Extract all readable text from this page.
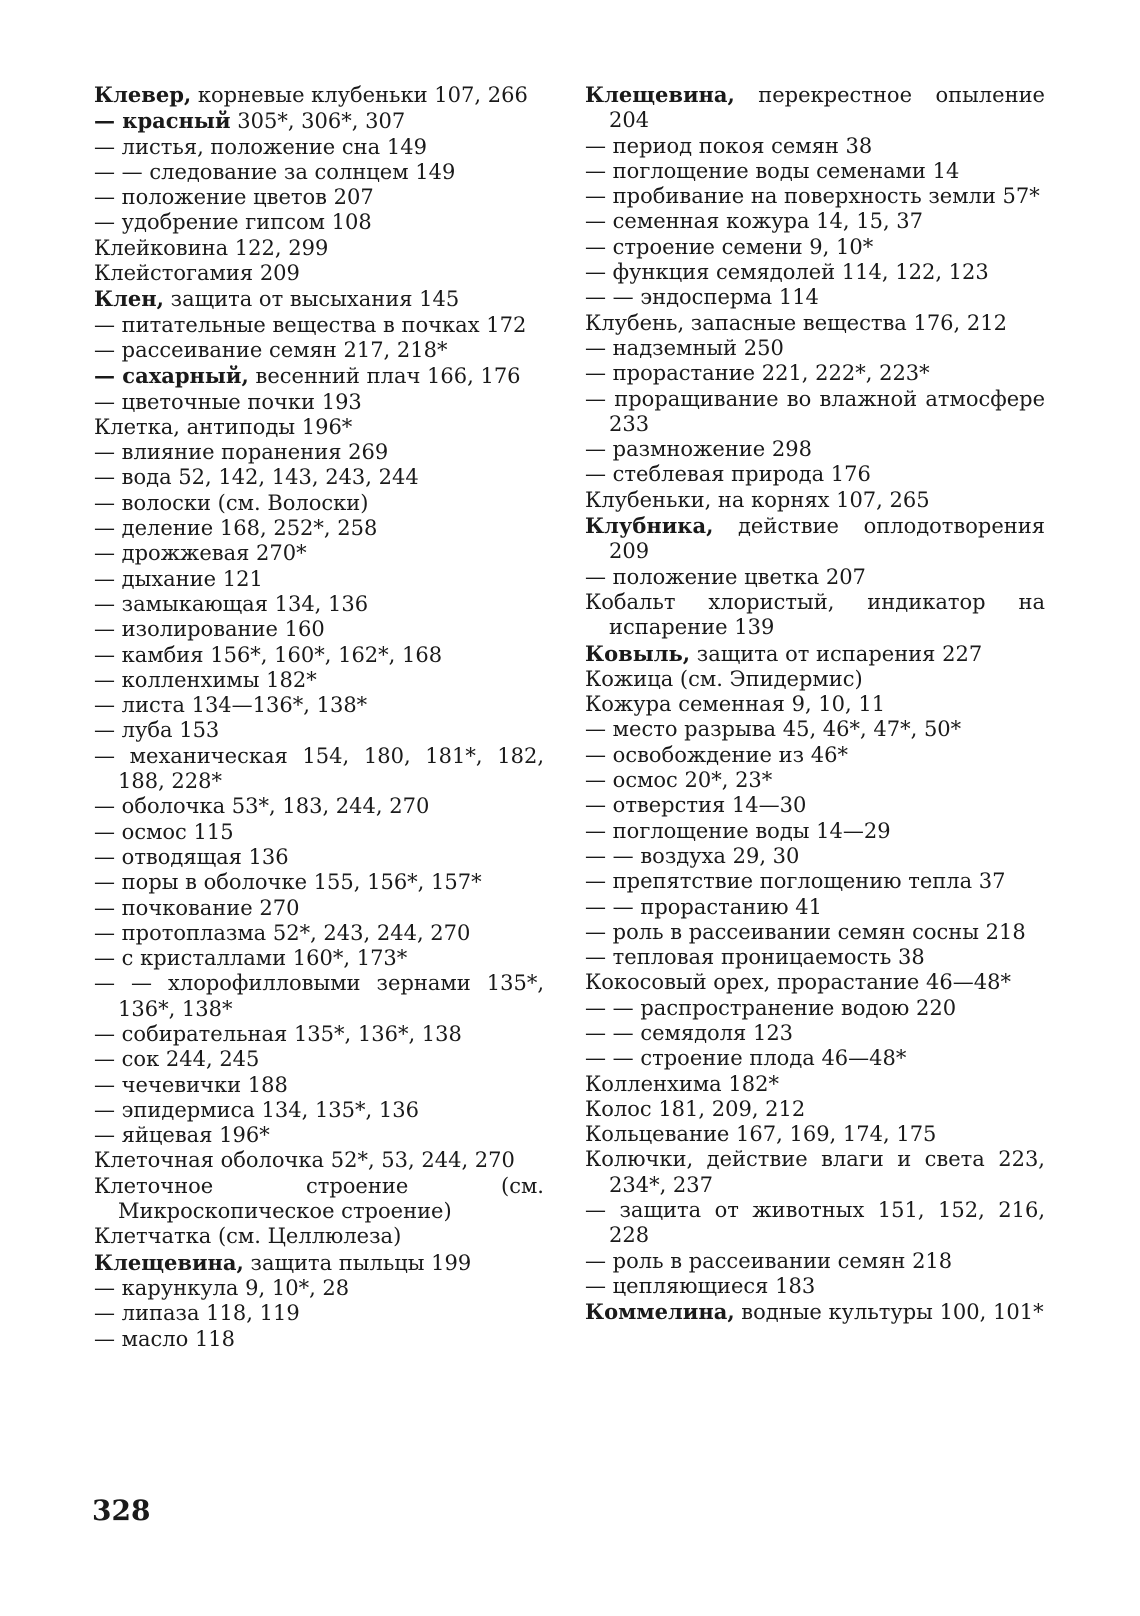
Клевер, корневые клубеньки 107, 266
— красный 305*, 306*, 307
— листья, положение сна 149
— — следование за солнцем 149
— положение цветов 207
— удобрение гипсом 108
Клейковина 122, 299
Клейстогамия 209
Клен, защита от высыхания 145
— питательные вещества в почках 172
— рассеивание семян 217, 218*
— сахарный, весенний плач 166, 176
— цветочные почки 193
Клетка, антиподы 196*
— влияние поранения 269
— вода 52, 142, 143, 243, 244
— волоски (см. Волоски)
— деление 168, 252*, 258
— дрожжевая 270*
— дыхание 121
— замыкающая 134, 136
— изолирование 160
— камбия 156*, 160*, 162*, 168
— колленхимы 182*
— листа 134—136*, 138*
— луба 153
— механическая 154, 180, 181*, 182, 188, 228*
— оболочка 53*, 183, 244, 270
— осмос 115
— отводящая 136
— поры в оболочке 155, 156*, 157*
— почкование 270
— протоплазма 52*, 243, 244, 270
— с кристаллами 160*, 173*
— — хлорофилловыми зернами 135*, 136*, 138*
— собирательная 135*, 136*, 138
— сок 244, 245
— чечевички 188
— эпидермиса 134, 135*, 136
— яйцевая 196*
Клеточная оболочка 52*, 53, 244, 270
Клеточное строение (см. Микроскопическое строение)
Клетчатка (см. Целлюлеза)
Клещевина, защита пыльцы 199
— карункула 9, 10*, 28
— липаза 118, 119
— масло 118
Клещевина, перекрестное опыление 204
— период покоя семян 38
— поглощение воды семенами 14
— пробивание на поверхность земли 57*
— семенная кожура 14, 15, 37
— строение семени 9, 10*
— функция семядолей 114, 122, 123
— — эндосперма 114
Клубень, запасные вещества 176, 212
— надземный 250
— прорастание 221, 222*, 223*
— проращивание во влажной атмосфере 233
— размножение 298
— стеблевая природа 176
Клубеньки, на корнях 107, 265
Клубника, действие оплодотворения 209
— положение цветка 207
Кобальт хлористый, индикатор на испарение 139
Ковыль, защита от испарения 227
Кожица (см. Эпидермис)
Кожура семенная 9, 10, 11
— место разрыва 45, 46*, 47*, 50*
— освобождение из 46*
— осмос 20*, 23*
— отверстия 14—30
— поглощение воды 14—29
— — воздуха 29, 30
— препятствие поглощению тепла 37
— — прорастанию 41
— роль в рассеивании семян сосны 218
— тепловая проницаемость 38
Кокосовый орех, прорастание 46—48*
— — распространение водою 220
— — семядоля 123
— — строение плода 46—48*
Колленхима 182*
Колос 181, 209, 212
Кольцевание 167, 169, 174, 175
Колючки, действие влаги и света 223, 234*, 237
— защита от животных 151, 152, 216, 228
— роль в рассеивании семян 218
— цепляющиеся 183
Коммелина, водные культуры 100, 101*
328
